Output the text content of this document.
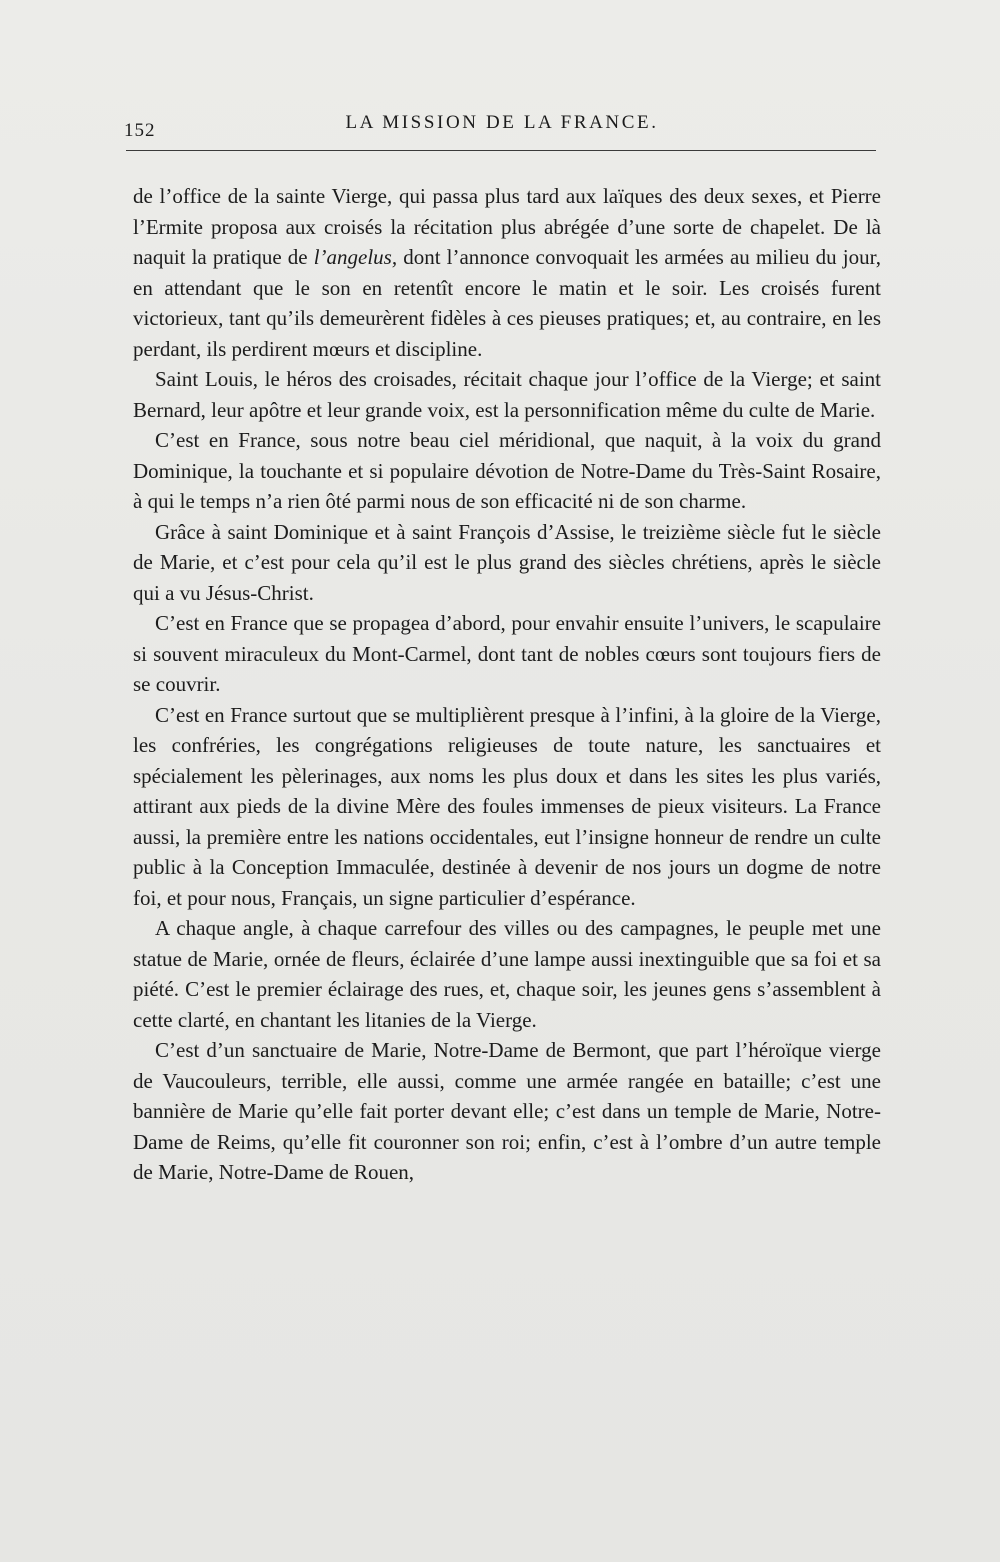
152	LA MISSION DE LA FRANCE.

de l’office de la sainte Vierge, qui passa plus tard aux laïques des deux sexes, et Pierre l’Ermite proposa aux croisés la récitation plus abrégée d’une sorte de chapelet. De là naquit la pratique de l’angelus, dont l’annonce convoquait les armées au milieu du jour, en attendant que le son en retentît encore le matin et le soir. Les croisés furent victorieux, tant qu’ils demeurèrent fidèles à ces pieuses pratiques; et, au contraire, en les perdant, ils perdirent mœurs et discipline.

Saint Louis, le héros des croisades, récitait chaque jour l’office de la Vierge; et saint Bernard, leur apôtre et leur grande voix, est la personnification même du culte de Marie.

C’est en France, sous notre beau ciel méridional, que naquit, à la voix du grand Dominique, la touchante et si populaire dévotion de Notre-Dame du Très-Saint Rosaire, à qui le temps n’a rien ôté parmi nous de son efficacité ni de son charme.

Grâce à saint Dominique et à saint François d’Assise, le treizième siècle fut le siècle de Marie, et c’est pour cela qu’il est le plus grand des siècles chrétiens, après le siècle qui a vu Jésus-Christ.

C’est en France que se propagea d’abord, pour envahir ensuite l’univers, le scapulaire si souvent miraculeux du Mont-Carmel, dont tant de nobles cœurs sont toujours fiers de se couvrir.

C’est en France surtout que se multiplièrent presque à l’infini, à la gloire de la Vierge, les confréries, les congrégations religieuses de toute nature, les sanctuaires et spécialement les pèlerinages, aux noms les plus doux et dans les sites les plus variés, attirant aux pieds de la divine Mère des foules immenses de pieux visiteurs. La France aussi, la première entre les nations occidentales, eut l’insigne honneur de rendre un culte public à la Conception Immaculée, destinée à devenir de nos jours un dogme de notre foi, et pour nous, Français, un signe particulier d’espérance.

A chaque angle, à chaque carrefour des villes ou des campagnes, le peuple met une statue de Marie, ornée de fleurs, éclairée d’une lampe aussi inextinguible que sa foi et sa piété. C’est le premier éclairage des rues, et, chaque soir, les jeunes gens s’assemblent à cette clarté, en chantant les litanies de la Vierge.

C’est d’un sanctuaire de Marie, Notre-Dame de Bermont, que part l’héroïque vierge de Vaucouleurs, terrible, elle aussi, comme une armée rangée en bataille; c’est une bannière de Marie qu’elle fait porter devant elle; c’est dans un temple de Marie, Notre-Dame de Reims, qu’elle fit couronner son roi; enfin, c’est à l’ombre d’un autre temple de Marie, Notre-Dame de Rouen,
